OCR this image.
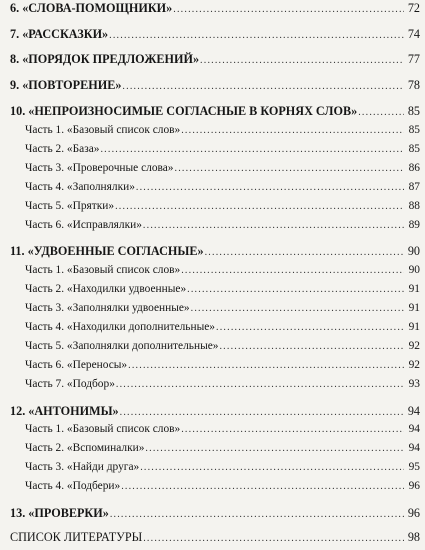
6. «СЛОВА-ПОМОЩНИКИ» .....	72
7. «РАССКАЗКИ» .....	74
8. «ПОРЯДОК ПРЕДЛОЖЕНИЙ» .....	77
9. «ПОВТОРЕНИЕ» .....	78
10. «НЕПРОИЗНОСИМЫЕ СОГЛАСНЫЕ В КОРНЯХ СЛОВ» .....	85
Часть 1. «Базовый список слов» .....	85
Часть 2. «База» .....	85
Часть 3. «Проверочные слова» .....	86
Часть 4. «Заполнялки» .....	87
Часть 5. «Прятки» .....	88
Часть 6. «Исправлялки» .....	89
11. «УДВОЕННЫЕ СОГЛАСНЫЕ» .....	90
Часть 1. «Базовый список слов» .....	90
Часть 2. «Находилки удвоенные» .....	91
Часть 3. «Заполнялки удвоенные» .....	91
Часть 4. «Находилки дополнительные» .....	91
Часть 5. «Заполнялки дополнительные» .....	92
Часть 6. «Переносы» .....	92
Часть 7. «Подбор» .....	93
12. «АНТОНИМЫ» .....	94
Часть 1. «Базовый список слов» .....	94
Часть 2. «Вспоминалки» .....	94
Часть 3. «Найди друга» .....	95
Часть 4. «Подбери» .....	96
13. «ПРОВЕРКИ» .....	96
СПИСОК ЛИТЕРАТУРЫ .....	98
